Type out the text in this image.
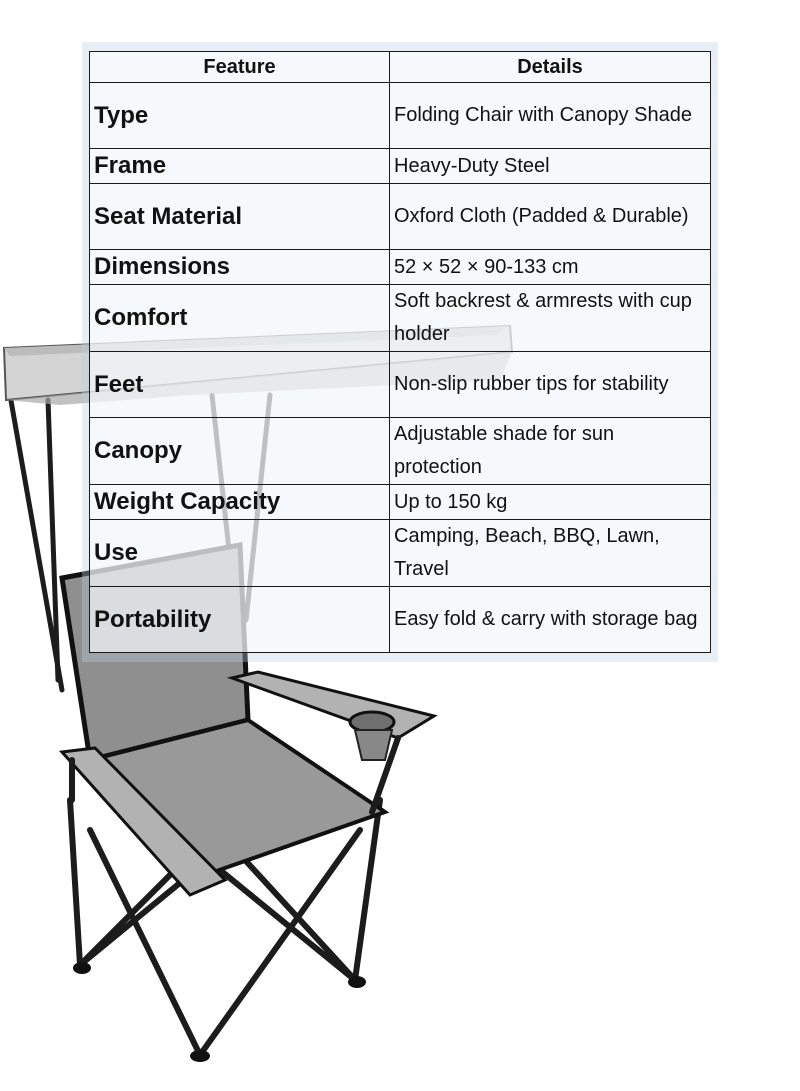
Feature	Details
Type	Folding Chair with Canopy Shade
Frame	Heavy-Duty Steel
Seat Material	Oxford Cloth (Padded & Durable)
Dimensions	52 × 52 × 90-133 cm
Comfort	Soft backrest & armrests with cup holder
Feet	Non-slip rubber tips for stability
Canopy	Adjustable shade for sun protection
Weight Capacity	Up to 150 kg
Use	Camping, Beach, BBQ, Lawn, Travel
Portability	Easy fold & carry with storage bag
